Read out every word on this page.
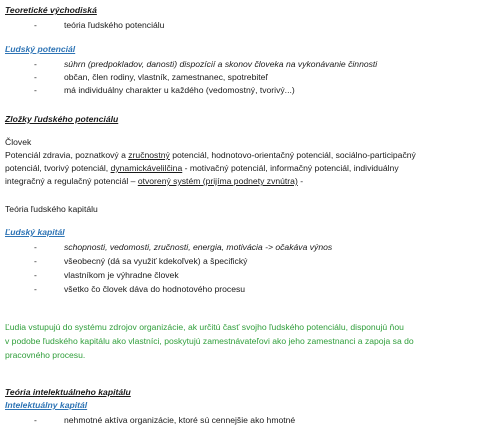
Teoretické východiská
-	teória ľudského potenciálu
Ľudský potenciál
-	súhrn (predpokladov, danosti) dispozícií a skonov človeka na vykonávanie činnosti
-	občan, člen rodiny, vlastník, zamestnanec, spotrebiteľ
-	má individuálny charakter u každého (vedomostný, tvorivý...)
Zložky ľudského potenciálu
Človek
Potenciál zdravia, poznatkový a zručnostný potenciál, hodnotovo-orientačný potenciál, sociálno-participačný
potenciál, tvorivý potenciál, dynamickávelilčina - motivačný potenciál, informačný potenciál, individuálny
integračný a regulačný potenciál – otvorený systém (prijíma podnety zvnútra) -
Teória ľudského kapitálu
Ľudský kapitál
-	schopnosti, vedomosti, zručnosti, energia, motivácia -> očakáva výnos
-	všeobecný (dá sa využiť kdekoľvek) a špecifický
-	vlastníkom je výhradne človek
-	všetko čo človek dáva do hodnotového procesu
Ľudia vstupujú do systému zdrojov organizácie, ak určitú časť svojho ľudského potenciálu, disponujú ňou
v podobe ľudského kapitálu ako vlastníci, poskytujú zamestnávateľovi ako jeho zamestnanci a zapoja sa do
pracovného procesu.
Teória intelektuálneho kapitálu
Intelektuálny kapitál
-	nehmotné aktíva organizácie, ktoré sú cennejšie ako hmotné
